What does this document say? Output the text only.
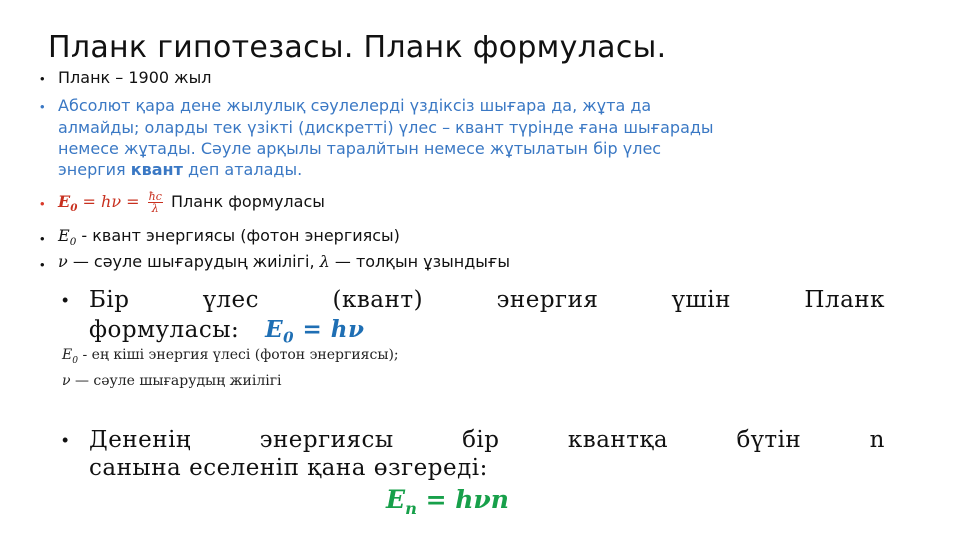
Планк гипотезасы. Планк формуласы.
• Планк – 1900 жыл
• Абсолют қара дене жылулық сәулелерді үздіксіз шығара да, жұта да
алмайды; оларды тек үзікті (дискретті) үлес – квант түрінде ғана шығарады
немесе жұтады. Сәуле арқылы таралйтын немесе жұтылатын бір үлес
энергия квант деп аталады.
• $E_0 = h\nu = \frac{ħc}{\lambda}$ Планк формуласы
• $E_0$ - квант энергиясы (фотон энергиясы)
• ν — сәуле шығарудың жиілігі, λ — толқын ұзындығы
• Бір	үлес	(квант)	энергия	үшін	Планк
формуласы: $E_0 = h\nu$
$E_0$ - ең кіші энергия үлесі (фотон энергиясы);
ν — сәуле шығарудың жиілігі
• Дененің	энергиясы	бір	квантқа	бүтін	n
санына еселеніп қана өзгереді:
$E_n = h\nu n$
